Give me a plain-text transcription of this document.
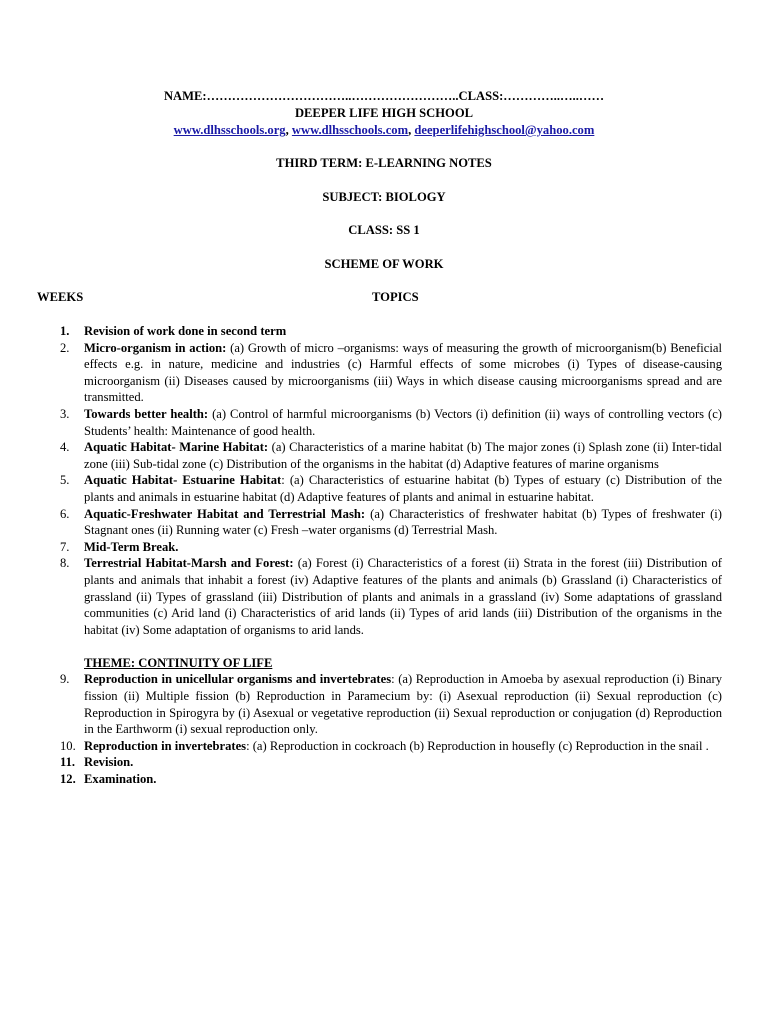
NAME:……………………………..……………………..CLASS:…………..…..……
DEEPER LIFE HIGH SCHOOL
www.dlhsschools.org, www.dlhsschools.com, deeperlifehighschool@yahoo.com
THIRD TERM: E-LEARNING NOTES
SUBJECT: BIOLOGY
CLASS: SS 1
SCHEME OF WORK
WEEKS	TOPICS
1.	Revision of work done in second term
2.	Micro-organism in action: (a) Growth of micro –organisms: ways of measuring the growth of microorganism(b) Beneficial effects e.g. in nature, medicine and industries (c) Harmful effects of some microbes (i) Types of disease-causing microorganism (ii) Diseases caused by microorganisms (iii) Ways in which disease causing microorganisms spread and are transmitted.
3.	Towards better health: (a) Control of harmful microorganisms (b) Vectors (i) definition (ii) ways of controlling vectors (c) Students’ health: Maintenance of good health.
4.	Aquatic Habitat- Marine Habitat: (a) Characteristics of a marine habitat (b) The major zones (i) Splash zone (ii) Inter-tidal zone (iii) Sub-tidal zone (c) Distribution of the organisms in the habitat (d) Adaptive features of marine organisms
5.	Aquatic Habitat- Estuarine Habitat: (a) Characteristics of estuarine habitat (b) Types of estuary (c) Distribution of the plants and animals in estuarine habitat (d) Adaptive features of plants and animal in estuarine habitat.
6.	Aquatic-Freshwater Habitat and Terrestrial Mash: (a) Characteristics of freshwater habitat (b) Types of freshwater (i) Stagnant ones (ii) Running water (c) Fresh –water organisms (d) Terrestrial Mash.
7.	Mid-Term Break.
8.	Terrestrial Habitat-Marsh and Forest: (a) Forest (i) Characteristics of a forest (ii) Strata in the forest (iii) Distribution of plants and animals that inhabit a forest (iv) Adaptive features of the plants and animals (b) Grassland (i) Characteristics of grassland (ii) Types of grassland (iii) Distribution of plants and animals in a grassland (iv) Some adaptations of grassland communities (c) Arid land (i) Characteristics of arid lands (ii) Types of arid lands (iii) Distribution of the organisms in the habitat (iv) Some adaptation of organisms to arid lands.
THEME: CONTINUITY OF LIFE
9.	Reproduction in unicellular organisms and invertebrates: (a) Reproduction in Amoeba by asexual reproduction (i) Binary fission (ii) Multiple fission (b) Reproduction in Paramecium by: (i) Asexual reproduction (ii) Sexual reproduction (c) Reproduction in Spirogyra by (i) Asexual or vegetative reproduction (ii) Sexual reproduction or conjugation (d) Reproduction in the Earthworm (i) sexual reproduction only.
10. Reproduction in invertebrates: (a) Reproduction in cockroach (b) Reproduction in housefly (c) Reproduction in the snail .
11. Revision.
12. Examination.
